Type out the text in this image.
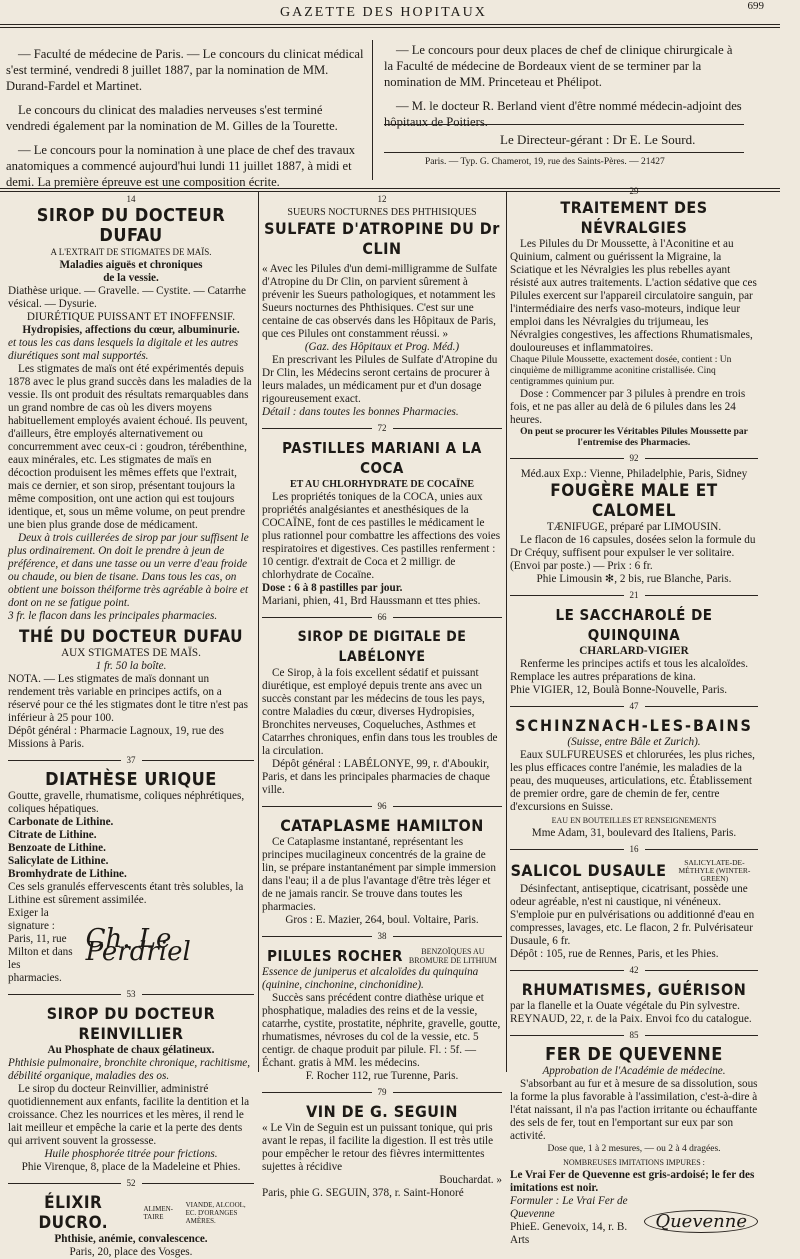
GAZETTE DES HOPITAUX	699

— Faculté de médecine de Paris. — Le concours du clinicat médical s'est terminé, vendredi 8 juillet 1887, par la nomination de MM. Durand-Fardel et Martinet.

Le concours du clinicat des maladies nerveuses s'est terminé vendredi également par la nomination de M. Gilles de la Tourette.

— Le concours pour la nomination à une place de chef des travaux anatomiques a commencé aujourd'hui lundi 11 juillet 1887, à midi et demi. La première épreuve est une composition écrite.

— Le concours pour deux places de chef de clinique chirurgicale à la Faculté de médecine de Bordeaux vient de se terminer par la nomination de MM. Princeteau et Phélipot.

— M. le docteur R. Berland vient d'être nommé médecin-adjoint des hôpitaux de Poitiers.

Le Directeur-gérant : Dr E. Le Sourd.
Paris. — Typ. G. Chamerot, 19, rue des Saints-Pères. — 21427
14
SIROP DU DOCTEUR DUFAU
A L'EXTRAIT DE STIGMATES DE MAÏS.
Maladies aiguës et chroniques
de la vessie.

Diathèse urique. — Gravelle. — Cystite. — Catarrhe vésical. — Dysurie.

DIURÉTIQUE PUISSANT ET INOFFENSIF.

Hydropisies, affections du cœur, albuminurie.

et tous les cas dans lesquels la digitale et les autres diurétiques sont mal supportés.

Les stigmates de maïs ont été expérimentés depuis 1878 avec le plus grand succès dans les maladies de la vessie. Ils ont produit des résultats remarquables dans un grand nombre de cas où les divers moyens habituellement employés avaient échoué. Ils peuvent, d'ailleurs, être employés alternativement ou concurremment avec ceux-ci : goudron, térébenthine, eaux minérales, etc. Les stigmates de maïs en décoction produisent les mêmes effets que l'extrait, mais ce dernier, et son sirop, présentant toujours la même composition, ont une action qui est toujours identique, et, sous un même volume, on peut prendre une bien plus grande dose de médicament.

Deux à trois cuillerées de sirop par jour suffisent le plus ordinairement. On doit le prendre à jeun de préférence, et dans une tasse ou un verre d'eau froide ou chaude, ou bien de tisane. Dans tous les cas, on obtient une boisson théiforme très agréable à boire et dont on ne se fatigue point.

3 fr. le flacon dans les principales pharmacies.

THÉ DU DOCTEUR DUFAU
AUX STIGMATES DE MAÏS.
1 fr. 50 la boîte.

NOTA. — Les stigmates de maïs donnant un rendement très variable en principes actifs, on a réservé pour ce thé les stigmates dont le titre n'est pas inférieur à 25 pour 100.

Dépôt général : Pharmacie Lagnoux, 19, rue des Missions à Paris.

37
DIATHÈSE URIQUE

Goutte, gravelle, rhumatisme, coliques néphrétiques, coliques hépatiques.

Carbonate de Lithine.

Citrate de Lithine.

Benzoate de Lithine.

Salicylate de Lithine.

Bromhydrate de Lithine.

Ces sels granulés effervescents étant très solubles, la Lithine est sûrement assimilée.

Exiger la signature :

Paris, 11, rue Milton et dans les pharmacies.

Ch. Le Perdriel
53
SIROP DU DOCTEUR REINVILLIER
Au Phosphate de chaux gélatineux.

Phthisie pulmonaire, bronchite chronique, rachitisme, débilité organique, maladies des os.

Le sirop du docteur Reinvillier, administré quotidiennement aux enfants, facilite la dentition et la croissance. Chez les nourrices et les mères, il rend le lait meilleur et empêche la carie et la perte des dents qui arrivent souvent la grossesse.

Huile phosphorée titrée pour frictions.

Phie Virenque, 8, place de la Madeleine et Phies.

52
ÉLIXIR DUCRO.
ALIMEN-TAIRE
VIANDE, ALCOOL, EC. D'ORANGES AMÈRES.
Phthisie, anémie, convalescence.
Paris, 20, place des Vosges.
12
SUEURS NOCTURNES DES PHTHISIQUES
SULFATE D'ATROPINE DU Dr CLIN

« Avec les Pilules d'un demi-milligramme de Sulfate d'Atropine du Dr Clin, on parvient sûrement à prévenir les Sueurs pathologiques, et notamment les Sueurs nocturnes des Phthisiques. C'est sur une centaine de cas observés dans les Hôpitaux de Paris, que ces Pilules ont constamment réussi. »

(Gaz. des Hôpitaux et Prog. Méd.)

En prescrivant les Pilules de Sulfate d'Atropine du Dr Clin, les Médecins seront certains de procurer à leurs malades, un médicament pur et d'un dosage rigoureusement exact.

Détail : dans toutes les bonnes Pharmacies.

72
PASTILLES MARIANI A LA COCA
ET AU CHLORHYDRATE DE COCAÏNE

Les propriétés toniques de la COCA, unies aux propriétés analgésiantes et anesthésiques de la COCAÏNE, font de ces pastilles le médicament le plus rationnel pour combattre les affections des voies respiratoires et digestives. Ces pastilles renferment : 10 centigr. d'extrait de Coca et 2 milligr. de chlorhydrate de Cocaïne.

Dose : 6 à 8 pastilles par jour.

Mariani, phien, 41, Brd Haussmann et ttes phies.

66
SIROP DE DIGITALE DE LABÉLONYE

Ce Sirop, à la fois excellent sédatif et puissant diurétique, est employé depuis trente ans avec un succès constant par les médecins de tous les pays, contre Maladies du cœur, diverses Hydropisies, Bronchites nerveuses, Coqueluches, Asthmes et Catarrhes chroniques, enfin dans tous les troubles de la circulation.

Dépôt général : LABÉLONYE, 99, r. d'Aboukir, Paris, et dans les principales pharmacies de chaque ville.

96
CATAPLASME HAMILTON

Ce Cataplasme instantané, représentant les principes mucilagineux concentrés de la graine de lin, se prépare instantanément par simple immersion dans l'eau; il a de plus l'avantage d'être très léger et de ne jamais rancir. Se trouve dans toutes les pharmacies.

Gros : E. Mazier, 264, boul. Voltaire, Paris.

38
PILULES ROCHER	BENZOÏQUES AU
BROMURE DE LITHIUM

Essence de juniperus et alcaloïdes du quinquina (quinine, cinchonine, cinchonidine).

Succès sans précédent contre diathèse urique et phosphatique, maladies des reins et de la vessie, catarrhe, cystite, prostatite, néphrite, gravelle, goutte, rhumatismes, névroses du col de la vessie, etc. 5 centigr. de chaque produit par pilule. Fl. : 5f. — Échant. gratis à MM. les médecins.

F. Rocher 112, rue Turenne, Paris.

79
VIN DE G. SEGUIN

« Le Vin de Seguin est un puissant tonique, qui pris avant le repas, il facilite la digestion. Il est très utile pour empêcher le retour des fièvres intermittentes sujettes à récidive

Bouchardat. »

Paris, phie G. SEGUIN, 378, r. Saint-Honoré

29
TRAITEMENT DES NÉVRALGIES

Les Pilules du Dr Moussette, à l'Aconitine et au Quinium, calment ou guérissent la Migraine, la Sciatique et les Névralgies les plus rebelles ayant résisté aux autres traitements. L'action sédative que ces Pilules exercent sur l'appareil circulatoire sanguin, par l'intermédiaire des nerfs vaso-moteurs, indique leur emploi dans les Névralgies du trijumeau, les Névralgies congestives, les affections Rhumatismales, douloureuses et inflammatoires.

Chaque Pilule Moussette, exactement dosée, contient : Un cinquième de milligramme aconitine cristallisée. Cinq centigrammes quinium pur.

Dose : Commencer par 3 pilules à prendre en trois fois, et ne pas aller au delà de 6 pilules dans les 24 heures.

On peut se procurer les Véritables Pilules Moussette par l'entremise des Pharmacies.

92

Méd.aux Exp.: Vienne, Philadelphie, Paris, Sidney

FOUGÈRE MALE ET CALOMEL
TÆNIFUGE, préparé par LIMOUSIN.

Le flacon de 16 capsules, dosées selon la formule du Dr Créquy, suffisent pour expulser le ver solitaire. (Envoi par poste.) — Prix : 6 fr.

Phie Limousin ✻, 2 bis, rue Blanche, Paris.

21
LE SACCHAROLÉ DE QUINQUINA
CHARLARD-VIGIER

Renferme les principes actifs et tous les alcaloïdes. Remplace les autres préparations de kina.

Phie VIGIER, 12, Boulà Bonne-Nouvelle, Paris.

47
SCHINZNACH-LES-BAINS
(Suisse, entre Bâle et Zurich).

Eaux SULFUREUSES et chlorurées, les plus riches, les plus efficaces contre l'anémie, les maladies de la peau, des muqueuses, articulations, etc. Établissement de premier ordre, gare de chemin de fer, centre d'excursions en Suisse.

EAU EN BOUTEILLES ET RENSEIGNEMENTS

Mme Adam, 31, boulevard des Italiens, Paris.

16
SALICOL DUSAULE	SALICYLATE-DE-MÉTHYLE (WINTER-GREEN)

Désinfectant, antiseptique, cicatrisant, possède une odeur agréable, n'est ni caustique, ni vénéneux. S'emploie pur en pulvérisations ou additionné d'eau en compresses, lavages, etc. Le flacon, 2 fr. Pulvérisateur Dusaule, 6 fr.

Dépôt : 105, rue de Rennes, Paris, et les Phies.

42
RHUMATISMES, GUÉRISON

par la flanelle et la Ouate végétale du Pin sylvestre.

REYNAUD, 22, r. de la Paix. Envoi fco du catalogue.

85
FER DE QUEVENNE
Approbation de l'Académie de médecine.

S'absorbant au fur et à mesure de sa dissolution, sous la forme la plus favorable à l'assimilation, c'est-à-dire à l'état naissant, il n'a pas l'action irritante ou échauffante des sels de fer, tout en l'emportant sur eux par son activité.

Dose que, 1 à 2 mesures, — ou 2 à 4 dragées.

NOMBREUSES IMITATIONS IMPURES :

Le Vrai Fer de Quevenne est gris-ardoisé; le fer des imitations est noir.

Formuler : Le Vrai Fer de Quevenne

PhieE. Genevoix, 14, r. B. Arts

Quevenne
